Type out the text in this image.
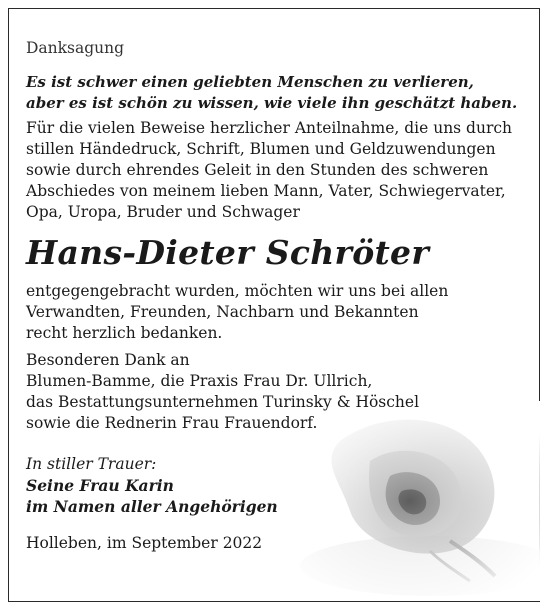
Danksagung

Es ist schwer einen geliebten Menschen zu verlieren,
aber es ist schön zu wissen, wie viele ihn geschätzt haben.

Für die vielen Beweise herzlicher Anteilnahme, die uns durch
stillen Händedruck, Schrift, Blumen und Geldzuwendungen
sowie durch ehrendes Geleit in den Stunden des schweren
Abschiedes von meinem lieben Mann, Vater, Schwiegervater,
Opa, Uropa, Bruder und Schwager

Hans-Dieter Schröter

entgegengebracht wurden, möchten wir uns bei allen
Verwandten, Freunden, Nachbarn und Bekannten
recht herzlich bedanken.

Besonderen Dank an
Blumen-Bamme, die Praxis Frau Dr. Ullrich,
das Bestattungsunternehmen Turinsky & Höschel
sowie die Rednerin Frau Frauendorf.

In stiller Trauer:
Seine Frau Karin
im Namen aller Angehörigen

Holleben, im September 2022
